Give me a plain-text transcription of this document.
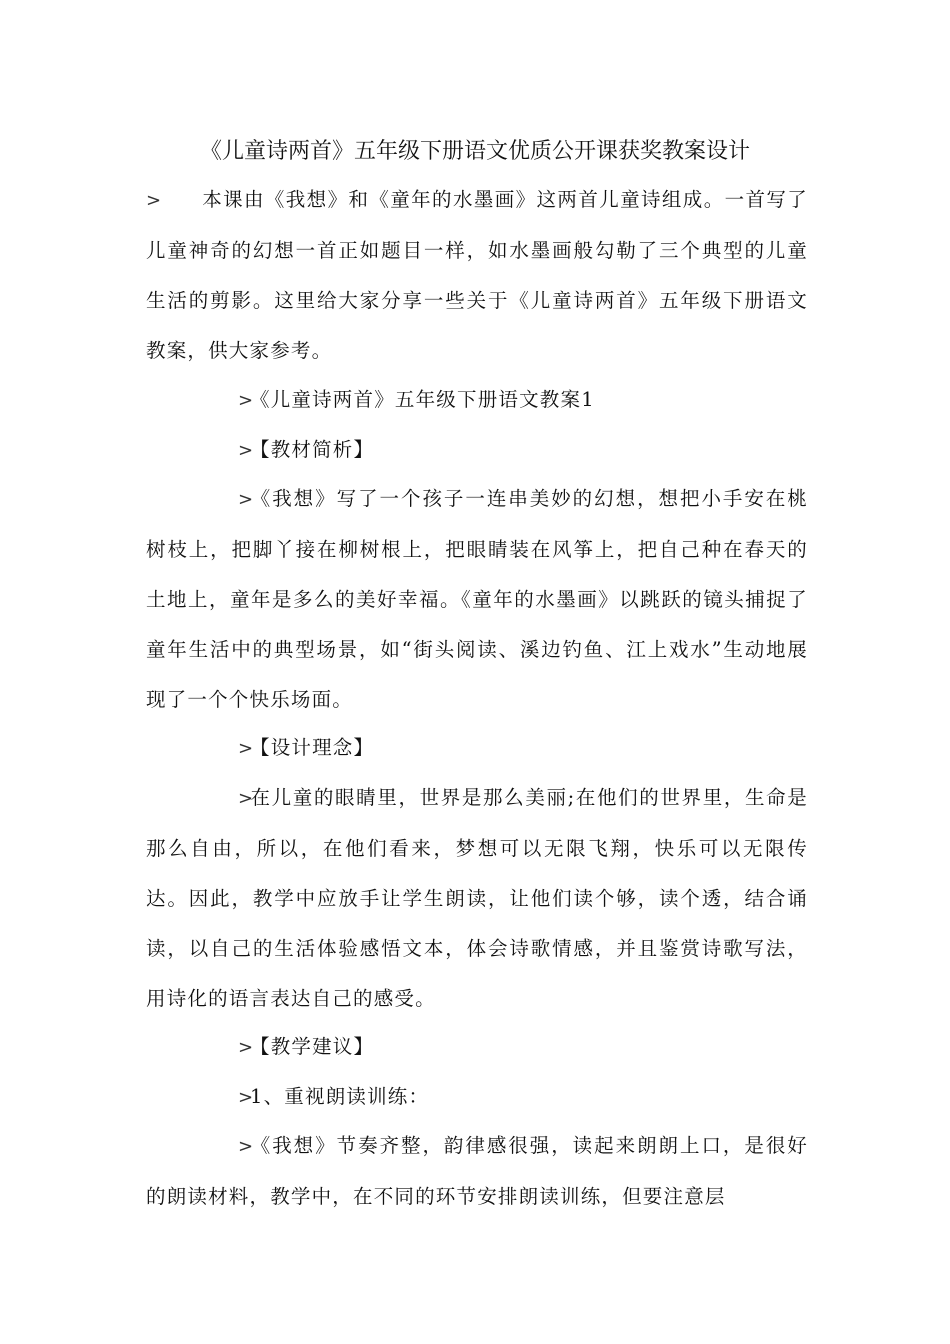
《儿童诗两首》五年级下册语文优质公开课获奖教案设计

> 本课由《我想》和《童年的水墨画》这两首儿童诗组成。一首写了儿童神奇的幻想一首正如题目一样，如水墨画般勾勒了三个典型的儿童生活的剪影。这里给大家分享一些关于《儿童诗两首》五年级下册语文教案，供大家参考。

>《儿童诗两首》五年级下册语文教案1

>【教材简析】

>《我想》写了一个孩子一连串美妙的幻想，想把小手安在桃树枝上，把脚丫接在柳树根上，把眼睛装在风筝上，把自己种在春天的土地上，童年是多么的美好幸福。《童年的水墨画》以跳跃的镜头捕捉了童年生活中的典型场景，如“街头阅读、溪边钓鱼、江上戏水”生动地展现了一个个快乐场面。

>【设计理念】

>在儿童的眼睛里，世界是那么美丽;在他们的世界里，生命是那么自由，所以，在他们看来，梦想可以无限飞翔，快乐可以无限传达。因此，教学中应放手让学生朗读，让他们读个够，读个透，结合诵读，以自己的生活体验感悟文本，体会诗歌情感，并且鉴赏诗歌写法，用诗化的语言表达自己的感受。

>【教学建议】

>1、重视朗读训练：

>《我想》节奏齐整，韵律感很强，读起来朗朗上口，是很好的朗读材料，教学中，在不同的环节安排朗读训练，但要注意层
